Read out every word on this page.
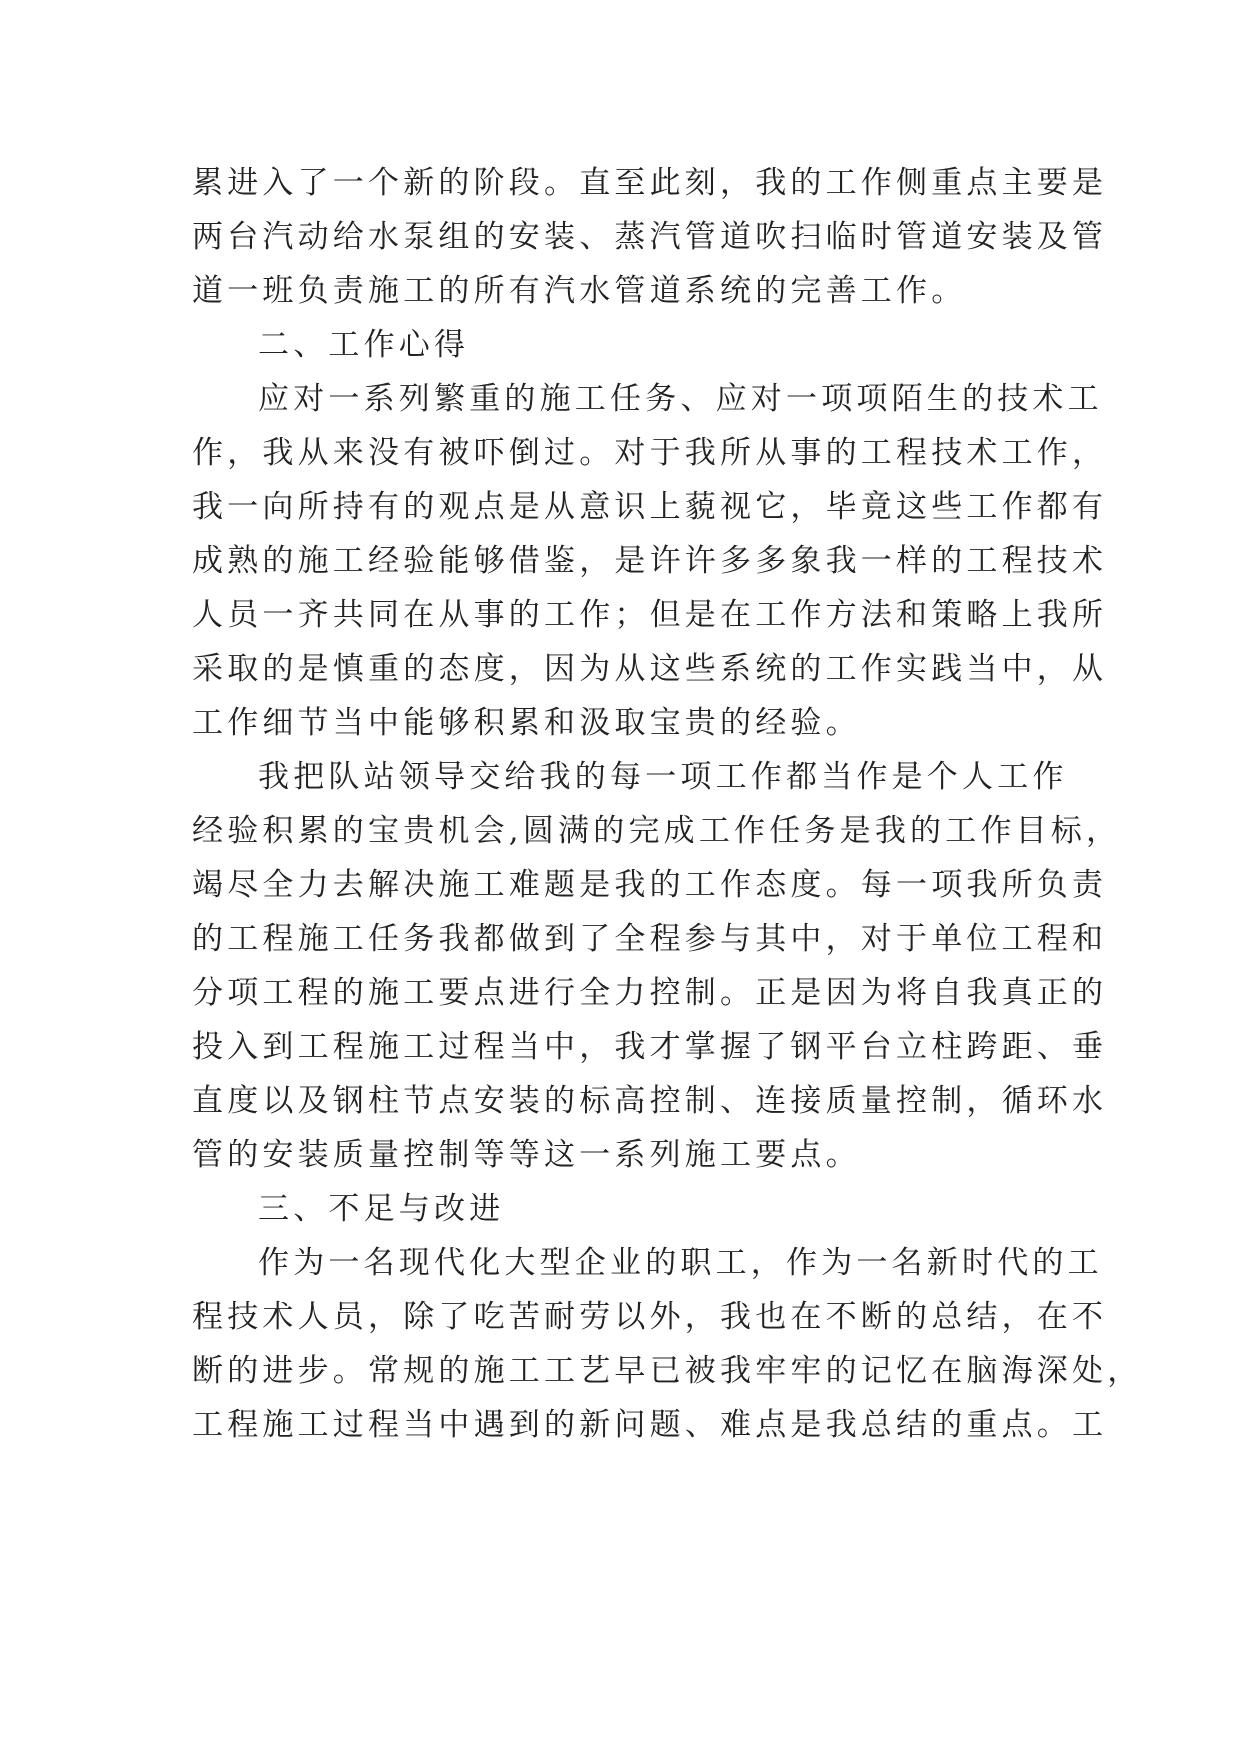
累进入了一个新的阶段。直至此刻，我的工作侧重点主要是

两台汽动给水泵组的安装、蒸汽管道吹扫临时管道安装及管

道一班负责施工的所有汽水管道系统的完善工作。

二、工作心得

应对一系列繁重的施工任务、应对一项项陌生的技术工

作，我从来没有被吓倒过。对于我所从事的工程技术工作，

我一向所持有的观点是从意识上藐视它，毕竟这些工作都有

成熟的施工经验能够借鉴，是许许多多象我一样的工程技术

人员一齐共同在从事的工作；但是在工作方法和策略上我所

采取的是慎重的态度，因为从这些系统的工作实践当中，从

工作细节当中能够积累和汲取宝贵的经验。

我把队站领导交给我的每一项工作都当作是个人工作

经验积累的宝贵机会,圆满的完成工作任务是我的工作目标，

竭尽全力去解决施工难题是我的工作态度。每一项我所负责

的工程施工任务我都做到了全程参与其中，对于单位工程和

分项工程的施工要点进行全力控制。正是因为将自我真正的

投入到工程施工过程当中，我才掌握了钢平台立柱跨距、垂

直度以及钢柱节点安装的标高控制、连接质量控制，循环水

管的安装质量控制等等这一系列施工要点。

三、不足与改进

作为一名现代化大型企业的职工，作为一名新时代的工

程技术人员，除了吃苦耐劳以外，我也在不断的总结，在不

断的进步。常规的施工工艺早已被我牢牢的记忆在脑海深处，

工程施工过程当中遇到的新问题、难点是我总结的重点。工
